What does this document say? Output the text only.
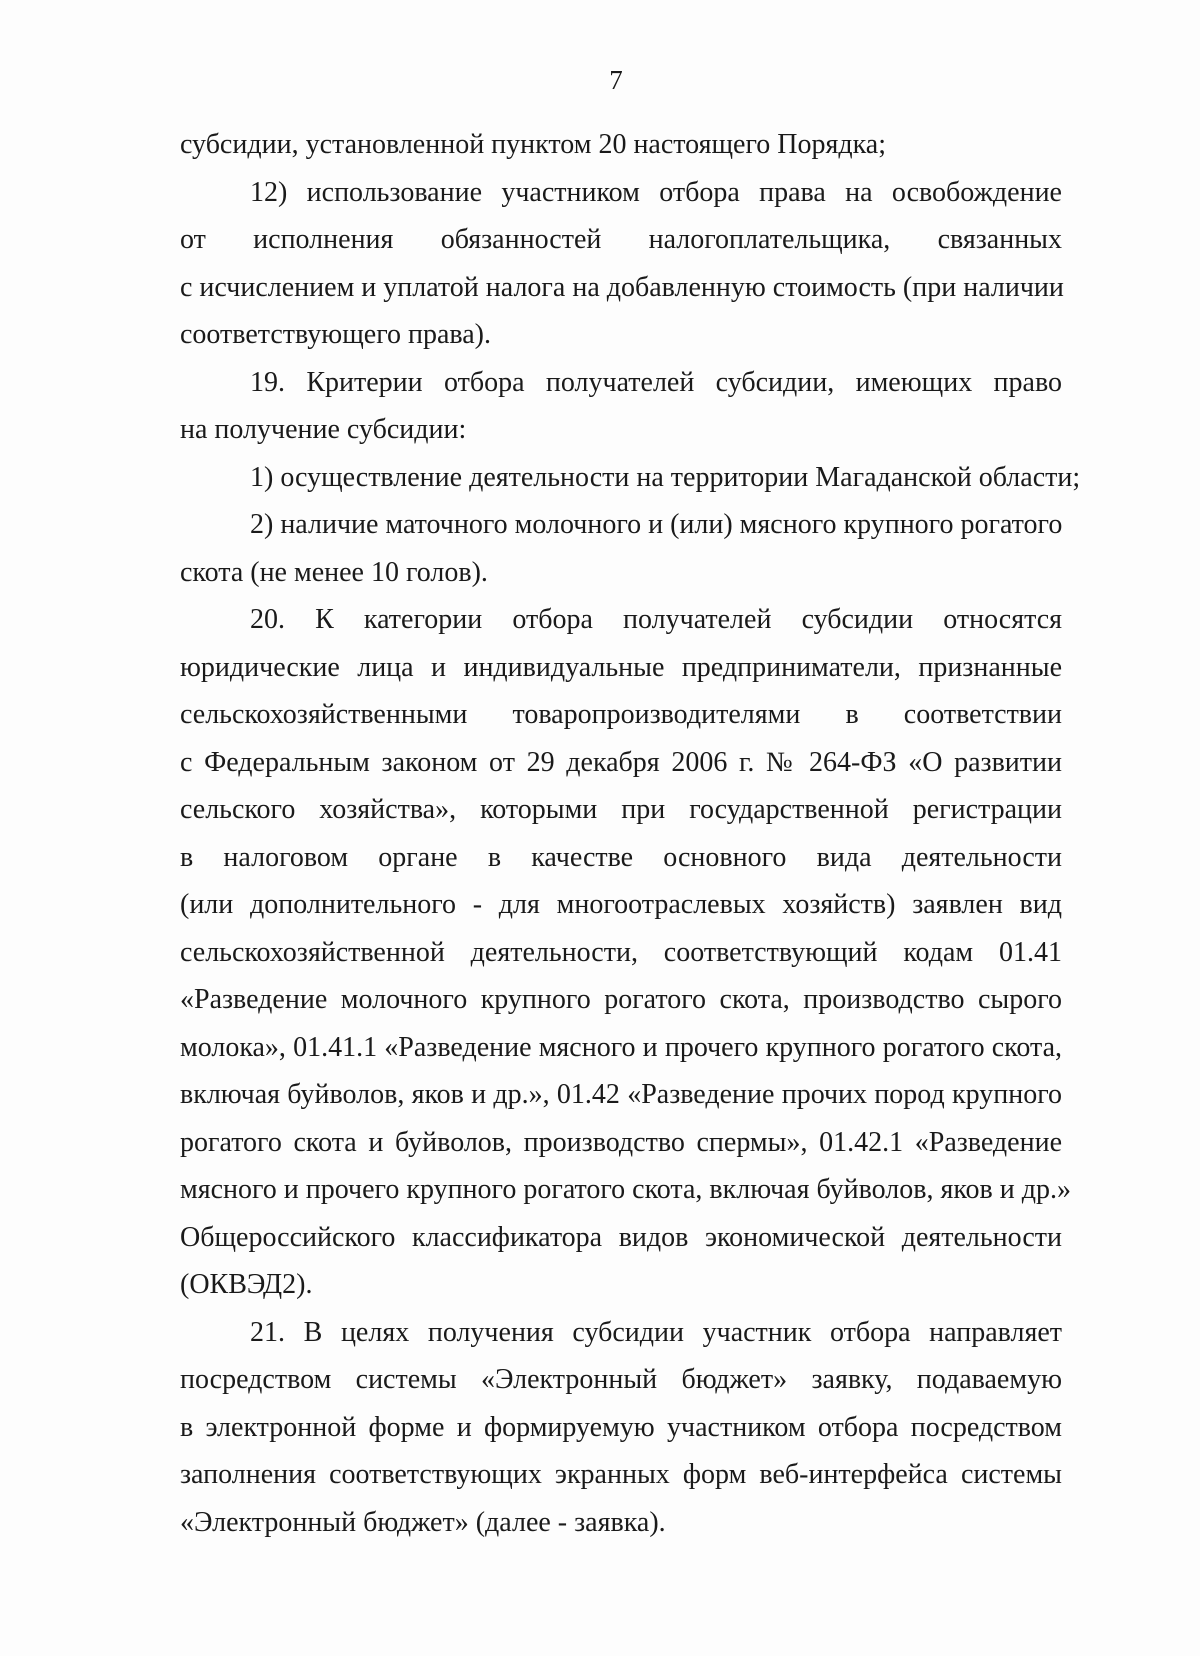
7
субсидии, установленной пунктом 20 настоящего Порядка;
12) использование участником отбора права на освобождение
от исполнения обязанностей налогоплательщика, связанных
с исчислением и уплатой налога на добавленную стоимость (при наличии
соответствующего права).
19. Критерии отбора получателей субсидии, имеющих право
на получение субсидии:
1) осуществление деятельности на территории Магаданской области;
2) наличие маточного молочного и (или) мясного крупного рогатого
скота (не менее 10 голов).
20. К категории отбора получателей субсидии относятся
юридические лица и индивидуальные предприниматели, признанные
сельскохозяйственными товаропроизводителями в соответствии
с Федеральным законом от 29 декабря 2006 г. № 264-ФЗ «О развитии
сельского хозяйства», которыми при государственной регистрации
в налоговом органе в качестве основного вида деятельности
(или дополнительного - для многоотраслевых хозяйств) заявлен вид
сельскохозяйственной деятельности, соответствующий кодам 01.41
«Разведение молочного крупного рогатого скота, производство сырого
молока», 01.41.1 «Разведение мясного и прочего крупного рогатого скота,
включая буйволов, яков и др.», 01.42 «Разведение прочих пород крупного
рогатого скота и буйволов, производство спермы», 01.42.1 «Разведение
мясного и прочего крупного рогатого скота, включая буйволов, яков и др.»
Общероссийского классификатора видов экономической деятельности
(ОКВЭД2).
21. В целях получения субсидии участник отбора направляет
посредством системы «Электронный бюджет» заявку, подаваемую
в электронной форме и формируемую участником отбора посредством
заполнения соответствующих экранных форм веб-интерфейса системы
«Электронный бюджет» (далее - заявка).
